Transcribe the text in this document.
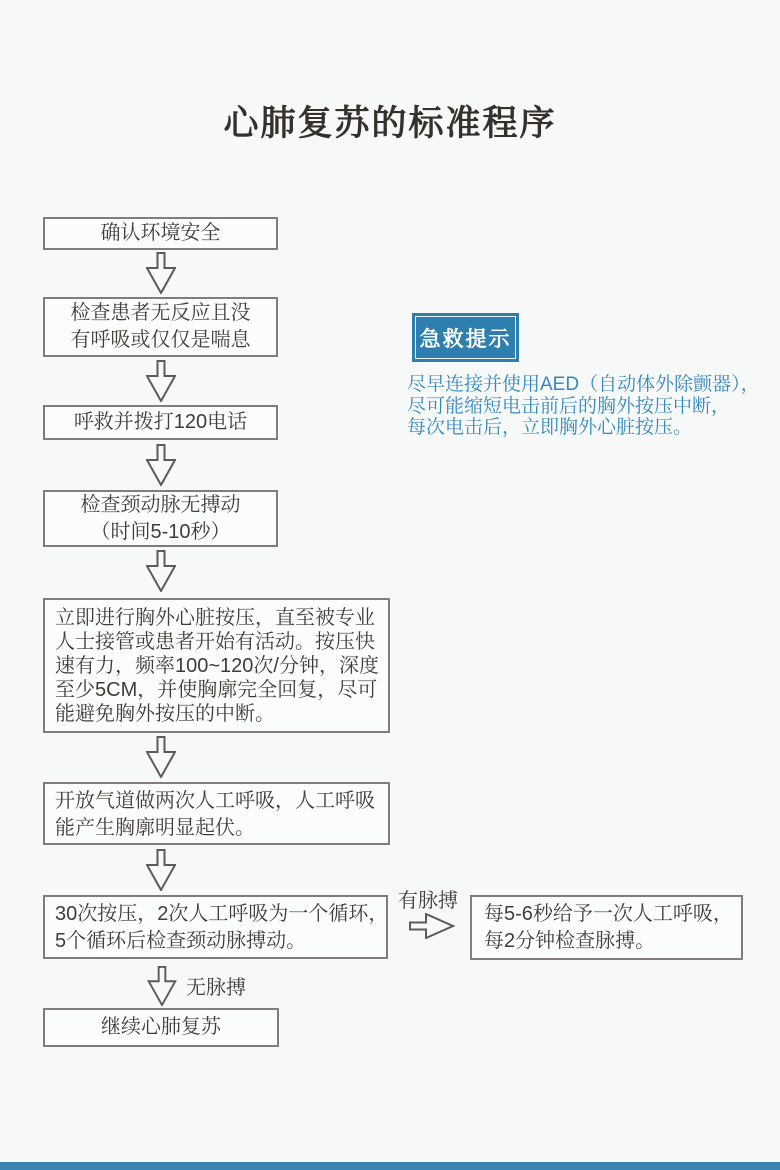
心肺复苏的标准程序
确认环境安全
检查患者无反应且没
有呼吸或仅仅是喘息
呼救并拨打120电话
检查颈动脉无搏动
（时间5-10秒）
立即进行胸外心脏按压，直至被专业
人士接管或患者开始有活动。按压快
速有力，频率100~120次/分钟，深度
至少5CM，并使胸廓完全回复，尽可
能避免胸外按压的中断。
开放气道做两次人工呼吸，人工呼吸
能产生胸廓明显起伏。
30次按压，2次人工呼吸为一个循环，
5个循环后检查颈动脉搏动。
有脉搏
每5-6秒给予一次人工呼吸，
每2分钟检查脉搏。
无脉搏
继续心肺复苏
急救提示
尽早连接并使用AED（自动体外除颤器），
尽可能缩短电击前后的胸外按压中断，
每次电击后，立即胸外心脏按压。
